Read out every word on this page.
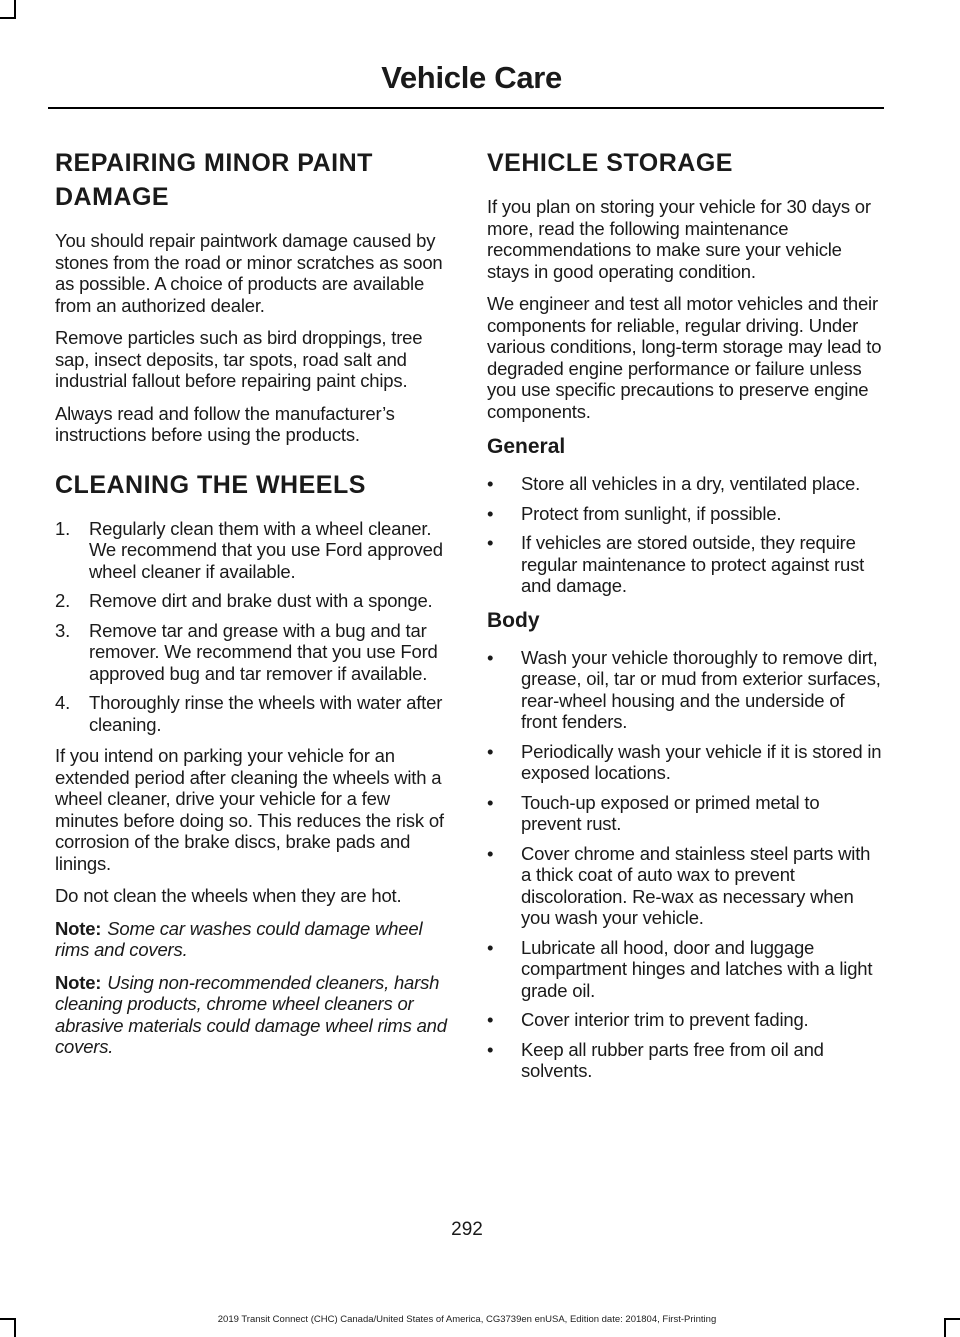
Vehicle Care
REPAIRING MINOR PAINT DAMAGE

You should repair paintwork damage caused by stones from the road or minor scratches as soon as possible. A choice of products are available from an authorized dealer.

Remove particles such as bird droppings, tree sap, insect deposits, tar spots, road salt and industrial fallout before repairing paint chips.

Always read and follow the manufacturer’s instructions before using the products.

CLEANING THE WHEELS
1. Regularly clean them with a wheel cleaner. We recommend that you use Ford approved wheel cleaner if available.
2. Remove dirt and brake dust with a sponge.
3. Remove tar and grease with a bug and tar remover. We recommend that you use Ford approved bug and tar remover if available.
4. Thoroughly rinse the wheels with water after cleaning.

If you intend on parking your vehicle for an extended period after cleaning the wheels with a wheel cleaner, drive your vehicle for a few minutes before doing so. This reduces the risk of corrosion of the brake discs, brake pads and linings.

Do not clean the wheels when they are hot.

Note: Some car washes could damage wheel rims and covers.

Note: Using non-recommended cleaners, harsh cleaning products, chrome wheel cleaners or abrasive materials could damage wheel rims and covers.

VEHICLE STORAGE

If you plan on storing your vehicle for 30 days or more, read the following maintenance recommendations to make sure your vehicle stays in good operating condition.

We engineer and test all motor vehicles and their components for reliable, regular driving. Under various conditions, long-term storage may lead to degraded engine performance or failure unless you use specific precautions to preserve engine components.

General
• Store all vehicles in a dry, ventilated place.
• Protect from sunlight, if possible.
• If vehicles are stored outside, they require regular maintenance to protect against rust and damage.
Body
• Wash your vehicle thoroughly to remove dirt, grease, oil, tar or mud from exterior surfaces, rear-wheel housing and the underside of front fenders.
• Periodically wash your vehicle if it is stored in exposed locations.
• Touch-up exposed or primed metal to prevent rust.
• Cover chrome and stainless steel parts with a thick coat of auto wax to prevent discoloration. Re-wax as necessary when you wash your vehicle.
• Lubricate all hood, door and luggage compartment hinges and latches with a light grade oil.
• Cover interior trim to prevent fading.
• Keep all rubber parts free from oil and solvents.
292
2019 Transit Connect (CHC) Canada/United States of America, CG3739en enUSA, Edition date: 201804, First-Printing
